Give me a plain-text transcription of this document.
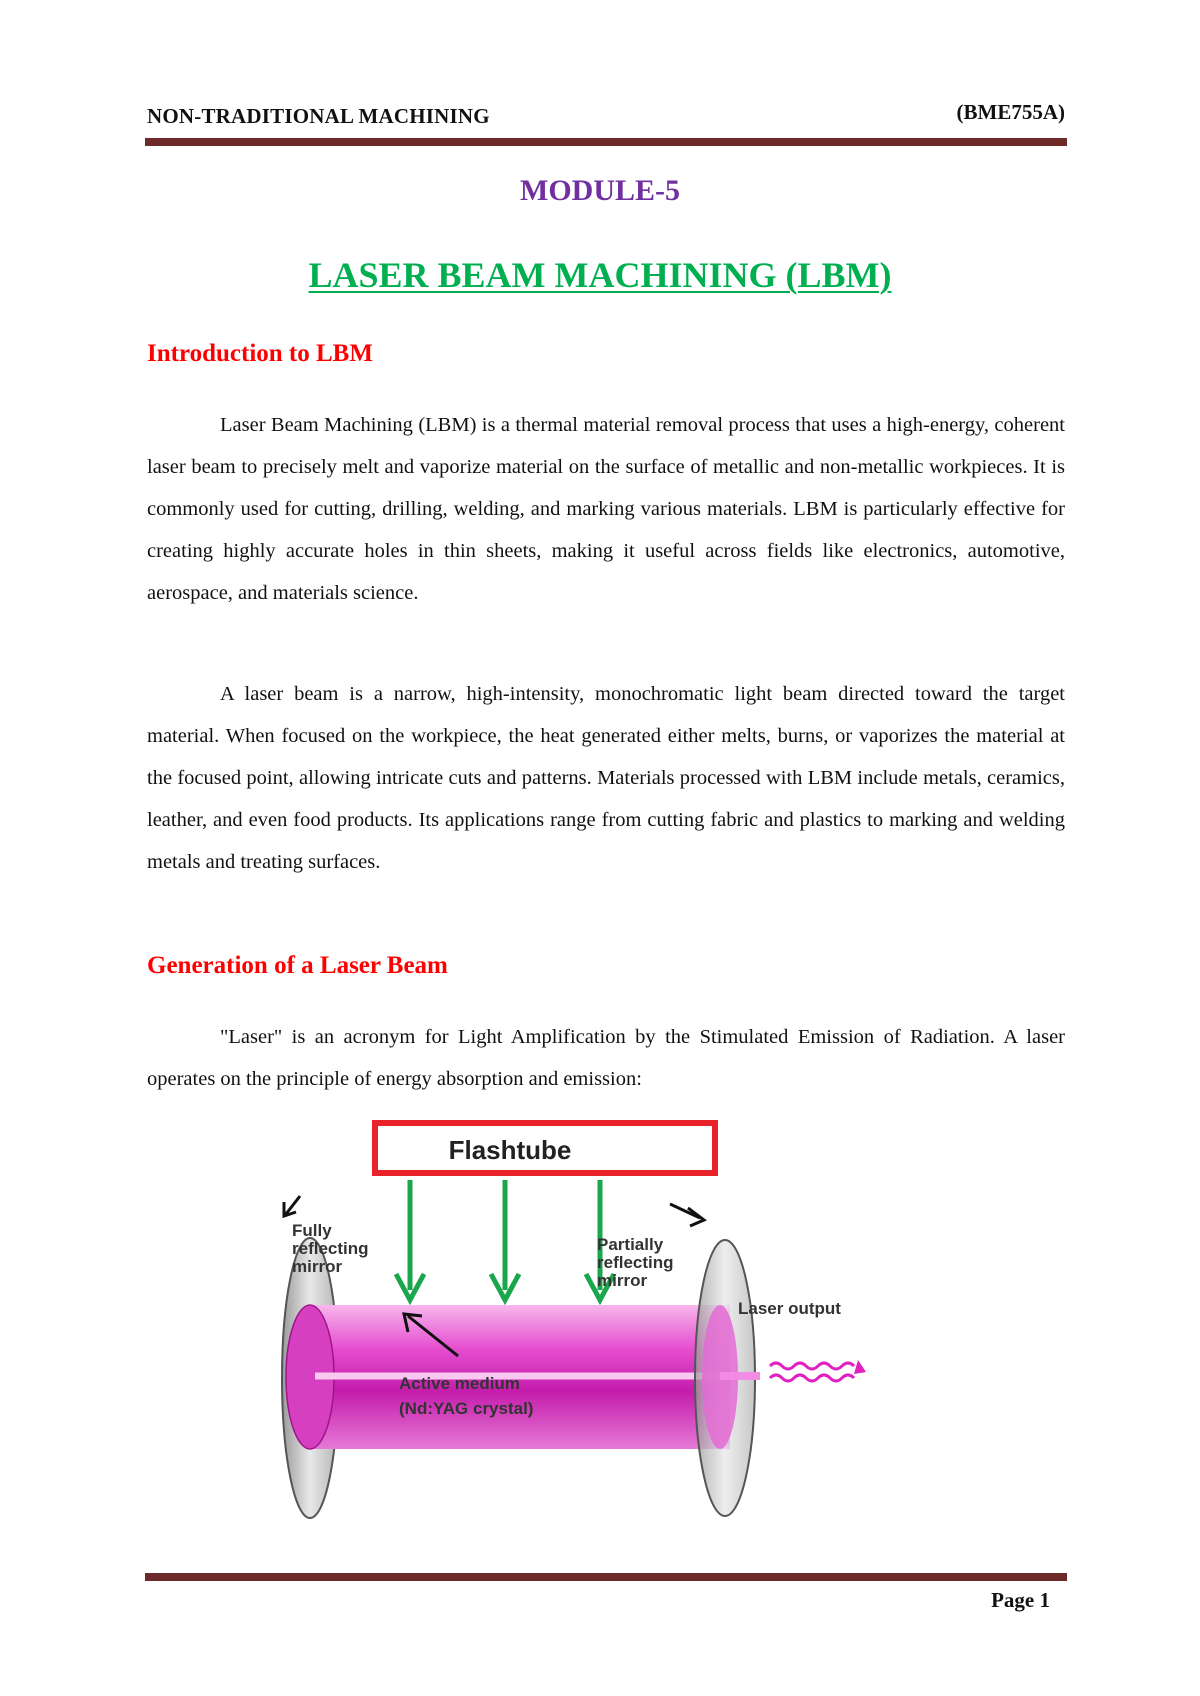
NON-TRADITIONAL MACHINING	(BME755A)
MODULE-5
LASER BEAM MACHINING (LBM)
Introduction to LBM
Laser Beam Machining (LBM) is a thermal material removal process that uses a high-energy, coherent laser beam to precisely melt and vaporize material on the surface of metallic and non-metallic workpieces. It is commonly used for cutting, drilling, welding, and marking various materials. LBM is particularly effective for creating highly accurate holes in thin sheets, making it useful across fields like electronics, automotive, aerospace, and materials science.
A laser beam is a narrow, high-intensity, monochromatic light beam directed toward the target material. When focused on the workpiece, the heat generated either melts, burns, or vaporizes the material at the focused point, allowing intricate cuts and patterns. Materials processed with LBM include metals, ceramics, leather, and even food products. Its applications range from cutting fabric and plastics to marking and welding metals and treating surfaces.
Generation of a Laser Beam
"Laser" is an acronym for Light Amplification by the Stimulated Emission of Radiation. A laser operates on the principle of energy absorption and emission:
Flashtube
Fully
reflecting
mirror
Partially
reflecting
mirror
Laser output
Active medium
(Nd:YAG crystal)
Page 1
